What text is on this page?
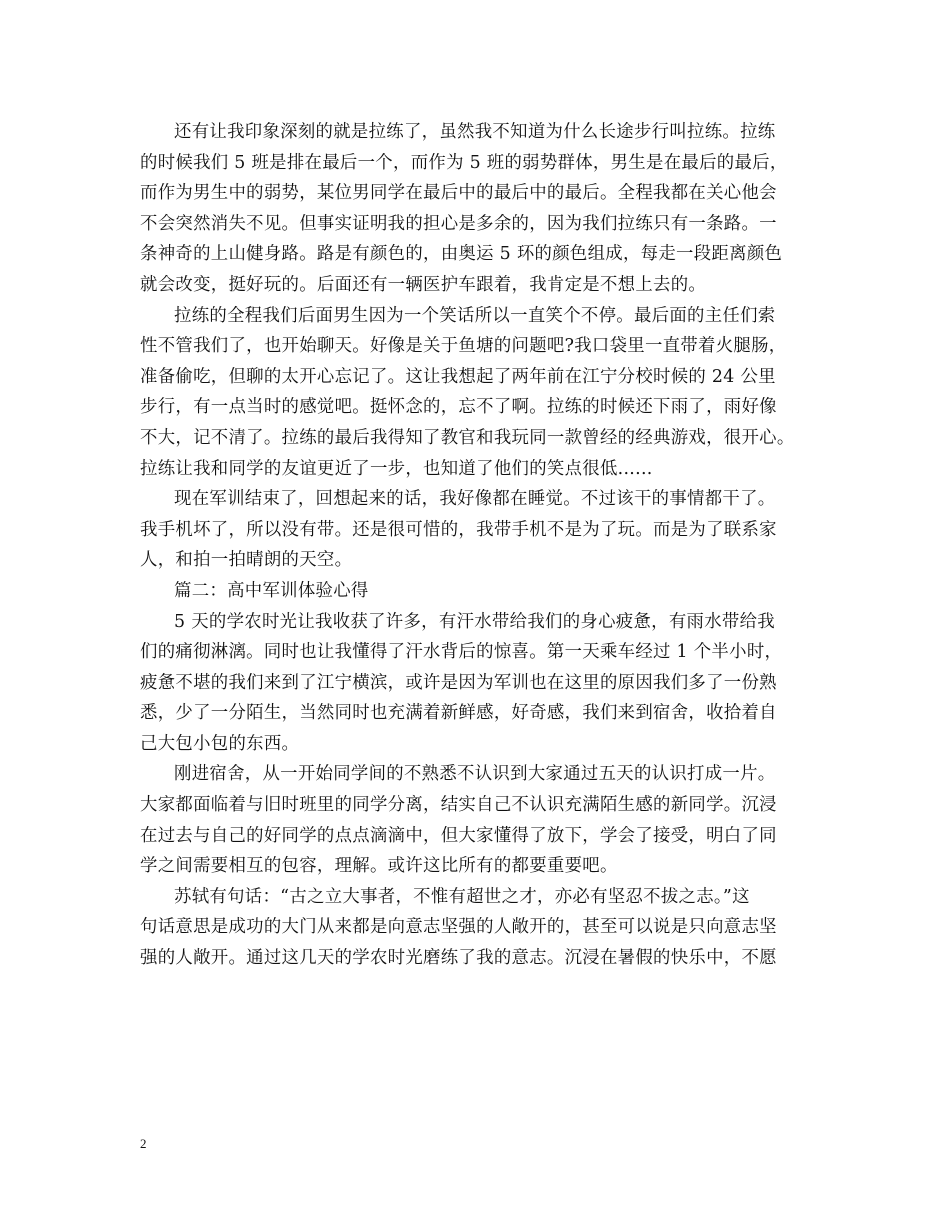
还有让我印象深刻的就是拉练了，虽然我不知道为什么长途步行叫拉练。拉练
的时候我们 5 班是排在最后一个，而作为 5 班的弱势群体，男生是在最后的最后，
而作为男生中的弱势，某位男同学在最后中的最后中的最后。全程我都在关心他会
不会突然消失不见。但事实证明我的担心是多余的，因为我们拉练只有一条路。一
条神奇的上山健身路。路是有颜色的，由奥运 5 环的颜色组成，每走一段距离颜色
就会改变，挺好玩的。后面还有一辆医护车跟着，我肯定是不想上去的。
拉练的全程我们后面男生因为一个笑话所以一直笑个不停。最后面的主任们索
性不管我们了，也开始聊天。好像是关于鱼塘的问题吧?我口袋里一直带着火腿肠，
准备偷吃，但聊的太开心忘记了。这让我想起了两年前在江宁分校时候的 24 公里
步行，有一点当时的感觉吧。挺怀念的，忘不了啊。拉练的时候还下雨了，雨好像
不大，记不清了。拉练的最后我得知了教官和我玩同一款曾经的经典游戏，很开心。
拉练让我和同学的友谊更近了一步，也知道了他们的笑点很低......
现在军训结束了，回想起来的话，我好像都在睡觉。不过该干的事情都干了。
我手机坏了，所以没有带。还是很可惜的，我带手机不是为了玩。而是为了联系家
人，和拍一拍晴朗的天空。
篇二：高中军训体验心得
5 天的学农时光让我收获了许多，有汗水带给我们的身心疲惫，有雨水带给我
们的痛彻淋漓。同时也让我懂得了汗水背后的惊喜。第一天乘车经过 1 个半小时，
疲惫不堪的我们来到了江宁横滨，或许是因为军训也在这里的原因我们多了一份熟
悉，少了一分陌生，当然同时也充满着新鲜感，好奇感，我们来到宿舍，收拾着自
己大包小包的东西。
刚进宿舍，从一开始同学间的不熟悉不认识到大家通过五天的认识打成一片。
大家都面临着与旧时班里的同学分离，结实自己不认识充满陌生感的新同学。沉浸
在过去与自己的好同学的点点滴滴中，但大家懂得了放下，学会了接受，明白了同
学之间需要相互的包容，理解。或许这比所有的都要重要吧。
苏轼有句话：“古之立大事者，不惟有超世之才，亦必有坚忍不拔之志。”这
句话意思是成功的大门从来都是向意志坚强的人敞开的，甚至可以说是只向意志坚
强的人敞开。通过这几天的学农时光磨练了我的意志。沉浸在暑假的快乐中，不愿
2
